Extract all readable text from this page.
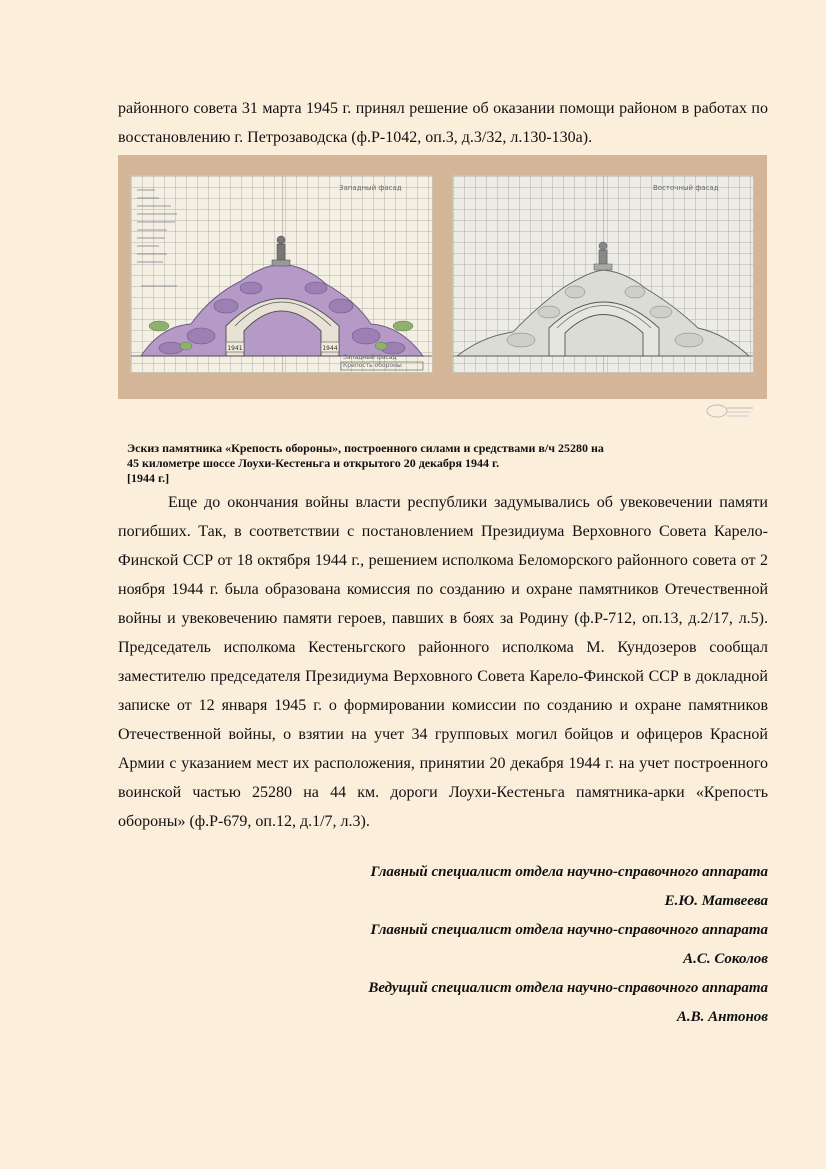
районного совета 31 марта 1945 г. принял решение об оказании помощи районом в работах по восстановлению г. Петрозаводска (ф.Р-1042, оп.3, д.3/32, л.130-130а).

1941	1944
Западный фасад
Западный фасад
Крепость обороны
Восточный фасад
Эскиз памятника «Крепость обороны», построенного силами и средствами в/ч 25280 на
45 километре шоссе Лоухи-Кестеньга и открытого 20 декабря 1944 г.
[1944 г.]

Еще до окончания войны власти республики задумывались об увековечении памяти погибших. Так, в соответствии с постановлением Президиума Верховного Совета Карело-Финской ССР от 18 октября 1944 г., решением исполкома Беломорского районного совета от 2 ноября 1944 г. была образована комиссия по созданию и охране памятников Отечественной войны и увековечению памяти героев, павших в боях за Родину (ф.Р-712, оп.13, д.2/17, л.5). Председатель исполкома Кестеньгского районного исполкома М. Кундозеров сообщал заместителю председателя Президиума Верховного Совета Карело-Финской ССР в докладной записке от 12 января 1945 г. о формировании комиссии по созданию и охране памятников Отечественной войны, о взятии на учет 34 групповых могил бойцов и офицеров Красной Армии с указанием мест их расположения, принятии 20 декабря 1944 г. на учет построенного воинской частью 25280 на 44 км. дороги Лоухи-Кестеньга памятника-арки «Крепость обороны» (ф.Р-679, оп.12, д.1/7, л.3).

Главный специалист отдела научно-справочного аппарата
Е.Ю. Матвеева
Главный специалист отдела научно-справочного аппарата
А.С. Соколов
Ведущий специалист отдела научно-справочного аппарата
А.В. Антонов
